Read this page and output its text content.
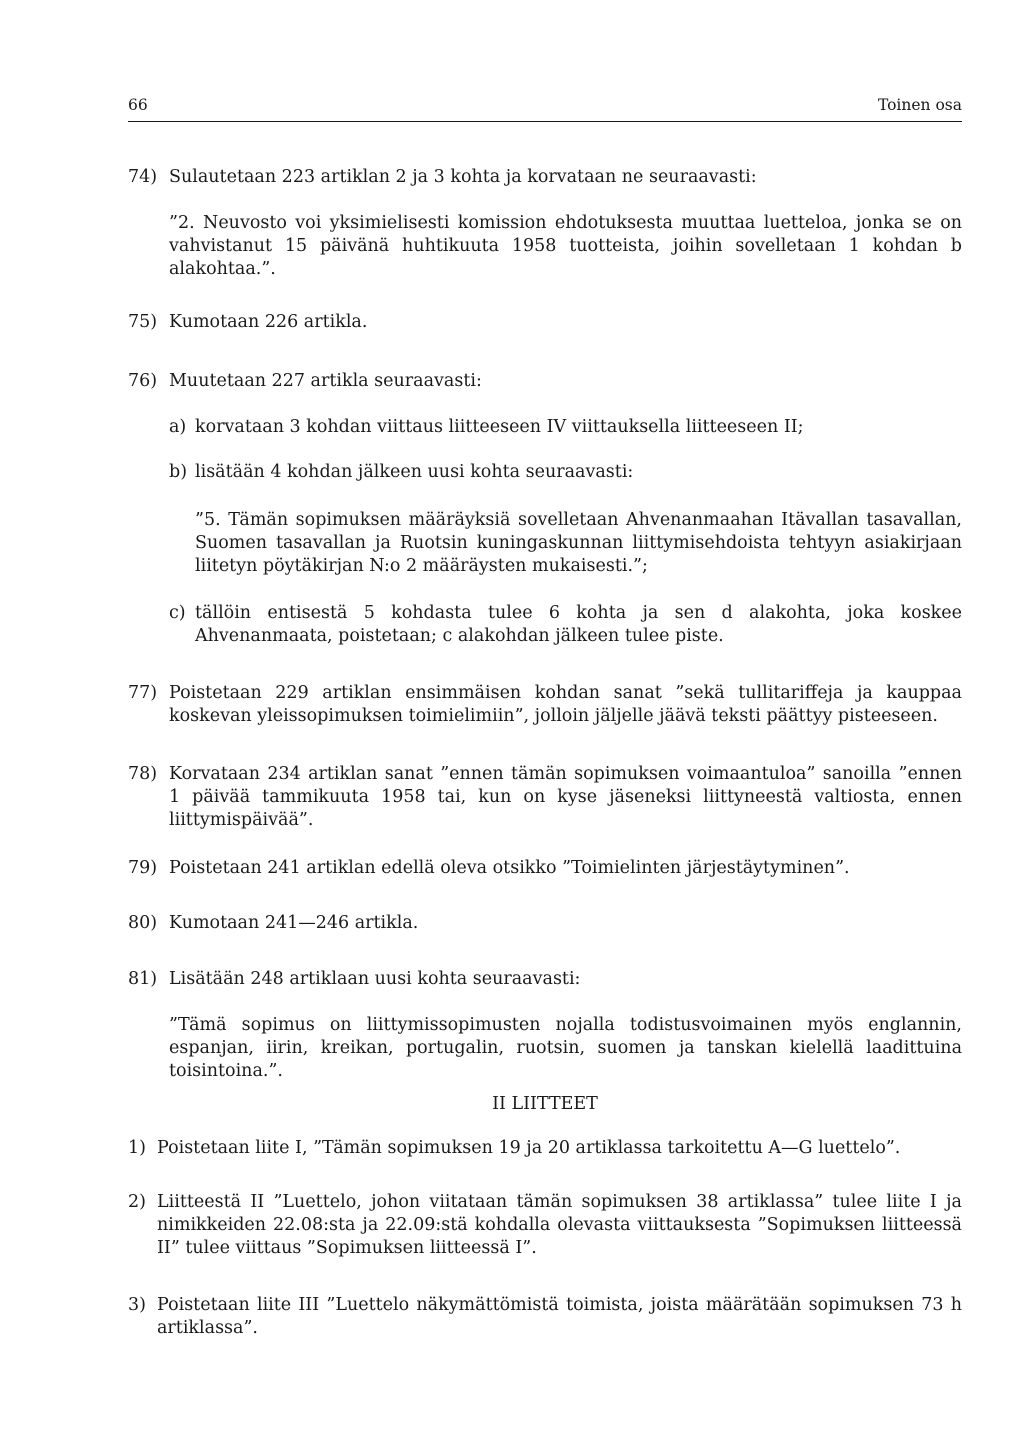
66	Toinen osa
74) Sulautetaan 223 artiklan 2 ja 3 kohta ja korvataan ne seuraavasti:
”2. Neuvosto voi yksimielisesti komission ehdotuksesta muuttaa luetteloa, jonka se on vahvistanut 15 päivänä huhtikuuta 1958 tuotteista, joihin sovelletaan 1 kohdan b alakohtaa.”.
75) Kumotaan 226 artikla.
76) Muutetaan 227 artikla seuraavasti:
a) korvataan 3 kohdan viittaus liitteeseen IV viittauksella liitteeseen II;
b) lisätään 4 kohdan jälkeen uusi kohta seuraavasti:
”5. Tämän sopimuksen määräyksiä sovelletaan Ahvenanmaahan Itävallan tasavallan, Suomen tasavallan ja Ruotsin kuningaskunnan liittymisehdoista tehtyyn asiakirjaan liitetyn pöytäkirjan N:o 2 määräysten mukaisesti.”;
c) tällöin entisestä 5 kohdasta tulee 6 kohta ja sen d alakohta, joka koskee Ahvenanmaata, poistetaan; c alakohdan jälkeen tulee piste.
77) Poistetaan 229 artiklan ensimmäisen kohdan sanat ”sekä tullitariffeja ja kauppaa koskevan yleissopimuksen toimielimiin”, jolloin jäljelle jäävä teksti päättyy pisteeseen.
78) Korvataan 234 artiklan sanat ”ennen tämän sopimuksen voimaantuloa” sanoilla ”ennen 1 päivää tammikuuta 1958 tai, kun on kyse jäseneksi liittyneestä valtiosta, ennen liittymispäivää”.
79) Poistetaan 241 artiklan edellä oleva otsikko ”Toimielinten järjestäytyminen”.
80) Kumotaan 241—246 artikla.
81) Lisätään 248 artiklaan uusi kohta seuraavasti:
”Tämä sopimus on liittymissopimusten nojalla todistusvoimainen myös englannin, espanjan, iirin, kreikan, portugalin, ruotsin, suomen ja tanskan kielellä laadittuina toisintoina.”.
II LIITTEET
1) Poistetaan liite I, ”Tämän sopimuksen 19 ja 20 artiklassa tarkoitettu A—G luettelo”.
2) Liitteestä II ”Luettelo, johon viitataan tämän sopimuksen 38 artiklassa” tulee liite I ja nimikkeiden 22.08:sta ja 22.09:stä kohdalla olevasta viittauksesta ”Sopimuksen liitteessä II” tulee viittaus ”Sopimuksen liitteessä I”.
3) Poistetaan liite III ”Luettelo näkymättömistä toimista, joista määrätään sopimuksen 73 h artiklassa”.
